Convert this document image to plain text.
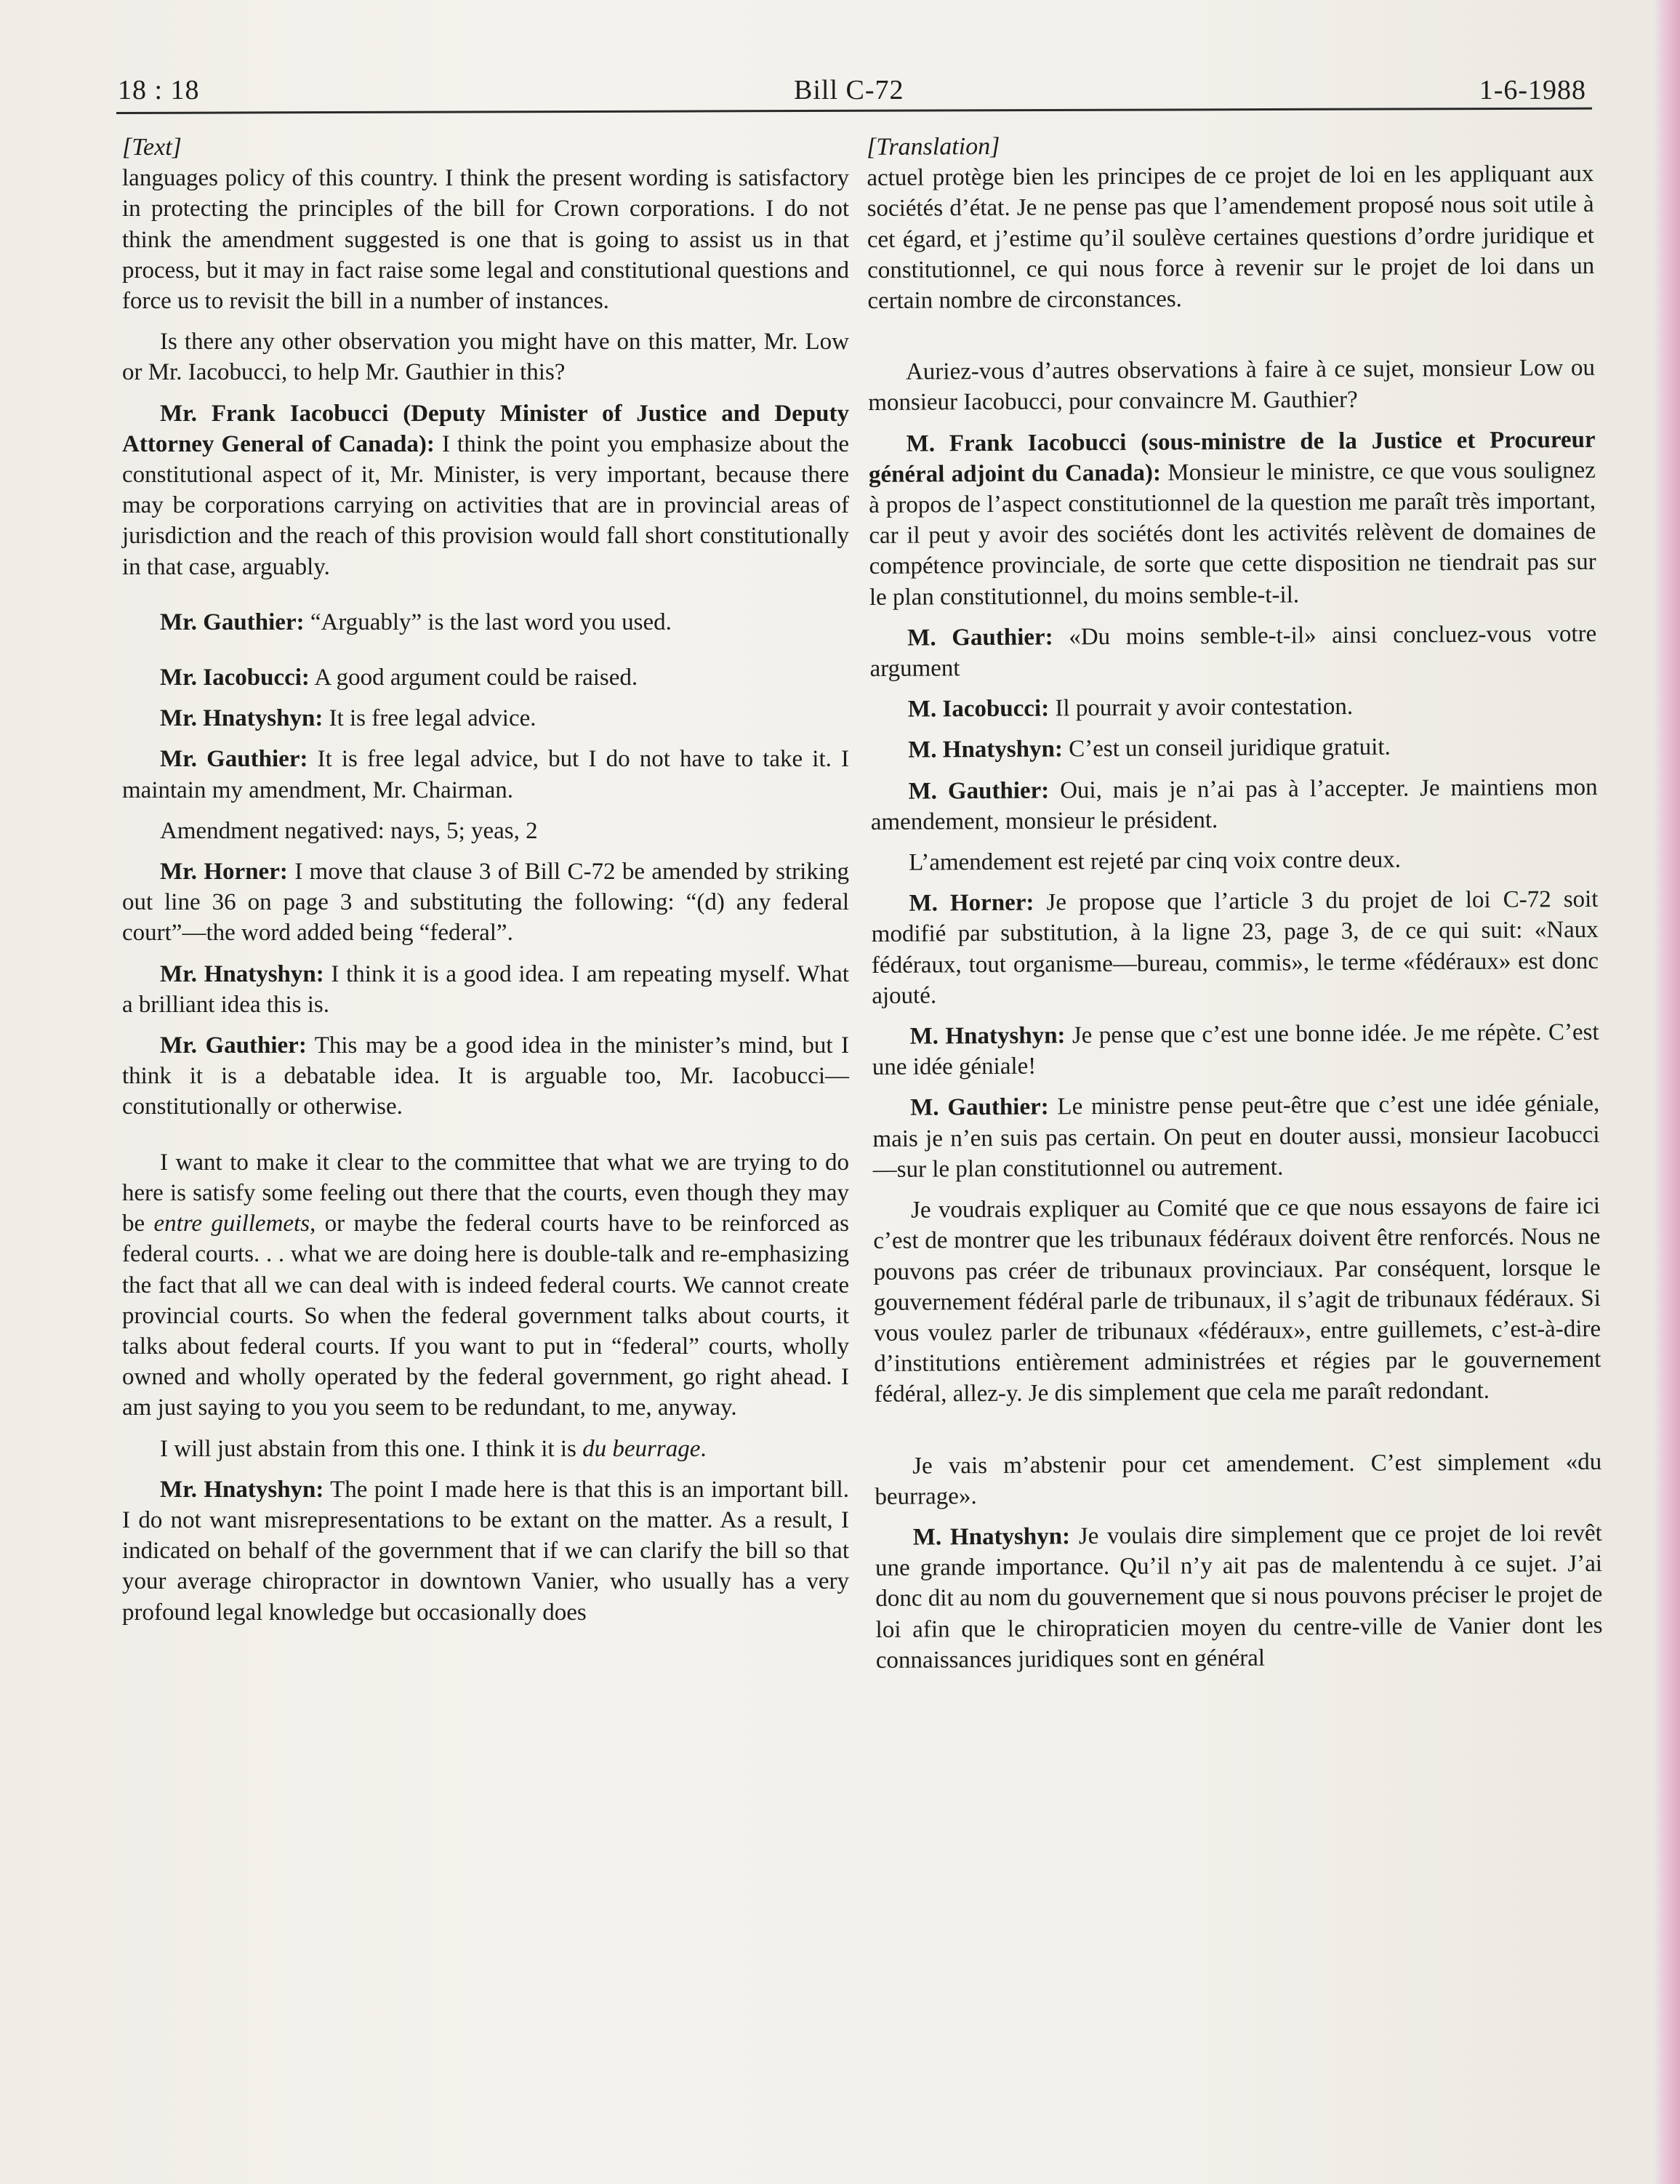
18 : 18	Bill C-72	1-6-1988

[Text]

languages policy of this country. I think the present wording is satisfactory in protecting the principles of the bill for Crown corporations. I do not think the amendment suggested is one that is going to assist us in that process, but it may in fact raise some legal and constitutional questions and force us to revisit the bill in a number of instances.

Is there any other observation you might have on this matter, Mr. Low or Mr. Iacobucci, to help Mr. Gauthier in this?

Mr. Frank Iacobucci (Deputy Minister of Justice and Deputy Attorney General of Canada): I think the point you emphasize about the constitutional aspect of it, Mr. Minister, is very important, because there may be corporations carrying on activities that are in provincial areas of jurisdiction and the reach of this provision would fall short constitutionally in that case, arguably.

Mr. Gauthier: “Arguably” is the last word you used.

Mr. Iacobucci: A good argument could be raised.

Mr. Hnatyshyn: It is free legal advice.

Mr. Gauthier: It is free legal advice, but I do not have to take it. I maintain my amendment, Mr. Chairman.

Amendment negatived: nays, 5; yeas, 2

Mr. Horner: I move that clause 3 of Bill C-72 be amended by striking out line 36 on page 3 and substituting the following: “(d) any federal court”—the word added being “federal”.

Mr. Hnatyshyn: I think it is a good idea. I am repeating myself. What a brilliant idea this is.

Mr. Gauthier: This may be a good idea in the minister’s mind, but I think it is a debatable idea. It is arguable too, Mr. Iacobucci—constitutionally or otherwise.

I want to make it clear to the committee that what we are trying to do here is satisfy some feeling out there that the courts, even though they may be entre guillemets, or maybe the federal courts have to be reinforced as federal courts. . . what we are doing here is double-talk and re-emphasizing the fact that all we can deal with is indeed federal courts. We cannot create provincial courts. So when the federal government talks about courts, it talks about federal courts. If you want to put in “federal” courts, wholly owned and wholly operated by the federal government, go right ahead. I am just saying to you you seem to be redundant, to me, anyway.

I will just abstain from this one. I think it is du beurrage.

Mr. Hnatyshyn: The point I made here is that this is an important bill. I do not want misrepresentations to be extant on the matter. As a result, I indicated on behalf of the government that if we can clarify the bill so that your average chiropractor in downtown Vanier, who usually has a very profound legal knowledge but occasionally does

[Translation]

actuel protège bien les principes de ce projet de loi en les appliquant aux sociétés d’état. Je ne pense pas que l’amendement proposé nous soit utile à cet égard, et j’estime qu’il soulève certaines questions d’ordre juridique et constitutionnel, ce qui nous force à revenir sur le projet de loi dans un certain nombre de circonstances.

Auriez-vous d’autres observations à faire à ce sujet, monsieur Low ou monsieur Iacobucci, pour convaincre M. Gauthier?

M. Frank Iacobucci (sous-ministre de la Justice et Procureur général adjoint du Canada): Monsieur le ministre, ce que vous soulignez à propos de l’aspect constitutionnel de la question me paraît très important, car il peut y avoir des sociétés dont les activités relèvent de domaines de compétence provinciale, de sorte que cette disposition ne tiendrait pas sur le plan constitutionnel, du moins semble-t-il.

M. Gauthier: «Du moins semble-t-il» ainsi concluez-vous votre argument

M. Iacobucci: Il pourrait y avoir contestation.

M. Hnatyshyn: C’est un conseil juridique gratuit.

M. Gauthier: Oui, mais je n’ai pas à l’accepter. Je maintiens mon amendement, monsieur le président.

L’amendement est rejeté par cinq voix contre deux.

M. Horner: Je propose que l’article 3 du projet de loi C-72 soit modifié par substitution, à la ligne 23, page 3, de ce qui suit: «Naux fédéraux, tout organisme—bureau, commis», le terme «fédéraux» est donc ajouté.

M. Hnatyshyn: Je pense que c’est une bonne idée. Je me répète. C’est une idée géniale!

M. Gauthier: Le ministre pense peut-être que c’est une idée géniale, mais je n’en suis pas certain. On peut en douter aussi, monsieur Iacobucci—sur le plan constitutionnel ou autrement.

Je voudrais expliquer au Comité que ce que nous essayons de faire ici c’est de montrer que les tribunaux fédéraux doivent être renforcés. Nous ne pouvons pas créer de tribunaux provinciaux. Par conséquent, lorsque le gouvernement fédéral parle de tribunaux, il s’agit de tribunaux fédéraux. Si vous voulez parler de tribunaux «fédéraux», entre guillemets, c’est-à-dire d’institutions entièrement administrées et régies par le gouvernement fédéral, allez-y. Je dis simplement que cela me paraît redondant.

Je vais m’abstenir pour cet amendement. C’est simplement «du beurrage».

M. Hnatyshyn: Je voulais dire simplement que ce projet de loi revêt une grande importance. Qu’il n’y ait pas de malentendu à ce sujet. J’ai donc dit au nom du gouvernement que si nous pouvons préciser le projet de loi afin que le chiropraticien moyen du centre-ville de Vanier dont les connaissances juridiques sont en général
